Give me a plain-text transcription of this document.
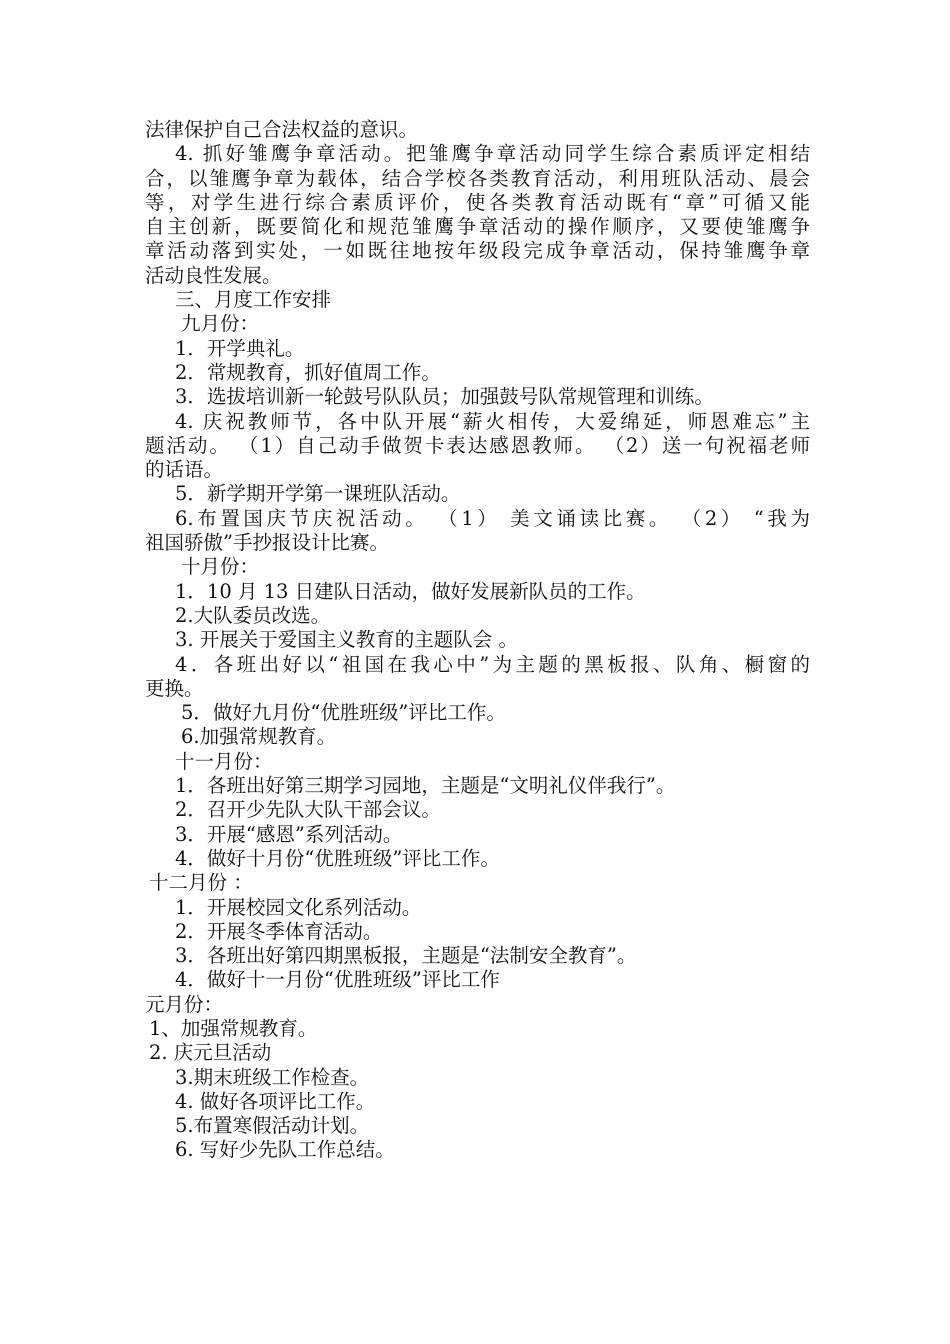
法律保护自己合法权益的意识。
4. 抓好雏鹰争章活动。把雏鹰争章活动同学生综合素质评定相结
合，以雏鹰争章为载体，结合学校各类教育活动，利用班队活动、晨会
等，对学生进行综合素质评价，使各类教育活动既有“章”可循又能
自主创新，既要简化和规范雏鹰争章活动的操作顺序，又要使雏鹰争
章活动落到实处，一如既往地按年级段完成争章活动，保持雏鹰争章
活动良性发展。
三、月度工作安排
九月份：
1．开学典礼。
2．常规教育，抓好值周工作。
3．选拔培训新一轮鼓号队队员；加强鼓号队常规管理和训练。
4. 庆祝教师节，各中队开展“薪火相传，大爱绵延，师恩难忘”主
题活动。 （1）自己动手做贺卡表达感恩教师。 （2）送一句祝福老师
的话语。
5．新学期开学第一课班队活动。
6.布置国庆节庆祝活动。 （1） 美文诵读比赛。 （2） “我为
祖国骄傲”手抄报设计比赛。
十月份：
1．10 月 13 日建队日活动，做好发展新队员的工作。
2.大队委员改选。
3. 开展关于爱国主义教育的主题队会 。
4．各班出好以“祖国在我心中”为主题的黑板报、队角、橱窗的
更换。
5．做好九月份“优胜班级”评比工作。
6.加强常规教育。
十一月份：
1．各班出好第三期学习园地，主题是“文明礼仪伴我行”。
2．召开少先队大队干部会议。
3．开展“感恩”系列活动。
4．做好十月份“优胜班级”评比工作。
十二月份 ：
1．开展校园文化系列活动。
2．开展冬季体育活动。
3．各班出好第四期黑板报，主题是“法制安全教育”。
4．做好十一月份“优胜班级”评比工作
元月份：
1、加强常规教育。
2. 庆元旦活动
3.期末班级工作检查。
4. 做好各项评比工作。
5.布置寒假活动计划。
6. 写好少先队工作总结。
